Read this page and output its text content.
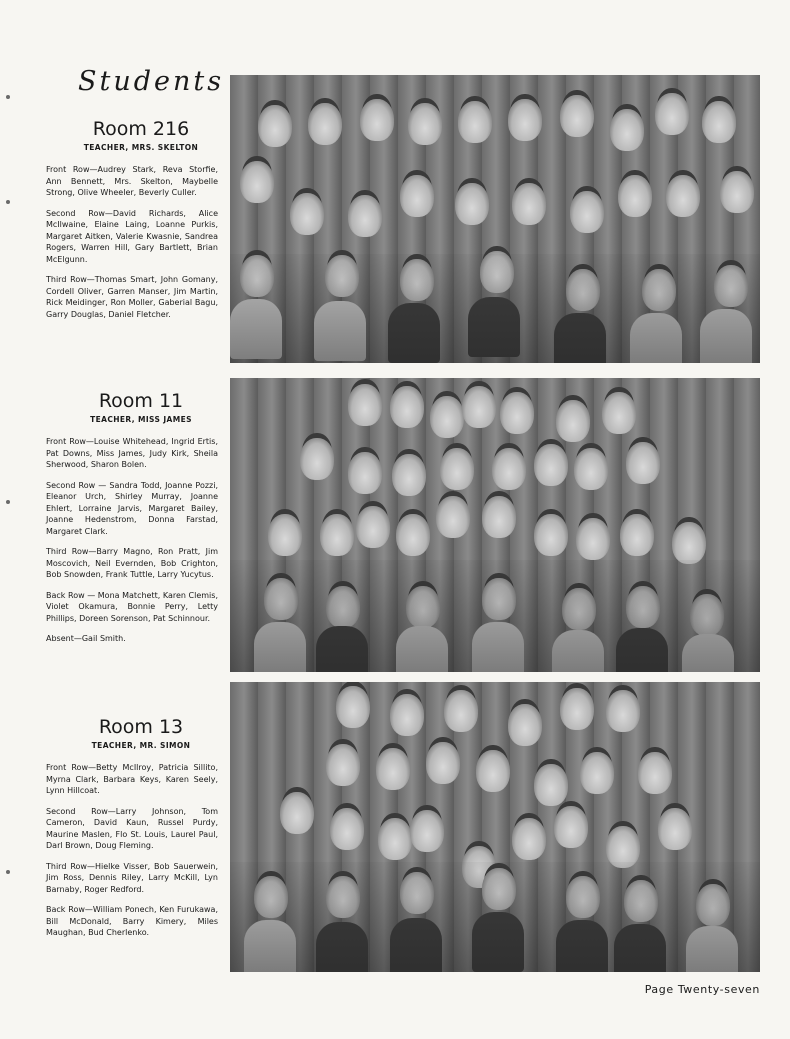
Students
Room 216
TEACHER, MRS. SKELTON

Front Row—Audrey Stark, Reva Storfie, Ann Bennett, Mrs. Skelton, Maybelle Strong, Olive Wheeler, Beverly Culler.

Second Row—David Richards, Alice McIlwaine, Elaine Laing, Loanne Purkis, Margaret Aitken, Valerie Kwasnie, Sandrea Rogers, Warren Hill, Gary Bartlett, Brian McElgunn.

Third Row—Thomas Smart, John Gomany, Cordell Oliver, Garren Manser, Jim Martin, Rick Meidinger, Ron Moller, Gaberial Bagu, Garry Douglas, Daniel Fletcher.

Room 11
TEACHER, MISS JAMES

Front Row—Louise Whitehead, Ingrid Ertis, Pat Downs, Miss James, Judy Kirk, Sheila Sherwood, Sharon Bolen.

Second Row — Sandra Todd, Joanne Pozzi, Eleanor Urch, Shirley Murray, Joanne Ehlert, Lorraine Jarvis, Margaret Bailey, Joanne Hedenstrom, Donna Farstad, Margaret Clark.

Third Row—Barry Magno, Ron Pratt, Jim Moscovich, Neil Evernden, Bob Crighton, Bob Snowden, Frank Tuttle, Larry Yucytus.

Back Row — Mona Matchett, Karen Clemis, Violet Okamura, Bonnie Perry, Letty Phillips, Doreen Sorenson, Pat Schinnour.

Absent—Gail Smith.

Room 13
TEACHER, MR. SIMON

Front Row—Betty McIlroy, Patricia Sillito, Myrna Clark, Barbara Keys, Karen Seely, Lynn Hillcoat.

Second Row—Larry Johnson, Tom Cameron, David Kaun, Russel Purdy, Maurine Maslen, Flo St. Louis, Laurel Paul, Darl Brown, Doug Fleming.

Third Row—Hielke Visser, Bob Sauerwein, Jim Ross, Dennis Riley, Larry McKill, Lyn Barnaby, Roger Redford.

Back Row—William Ponech, Ken Furukawa, Bill McDonald, Barry Kimery, Miles Maughan, Bud Cherlenko.

Page Twenty-seven
